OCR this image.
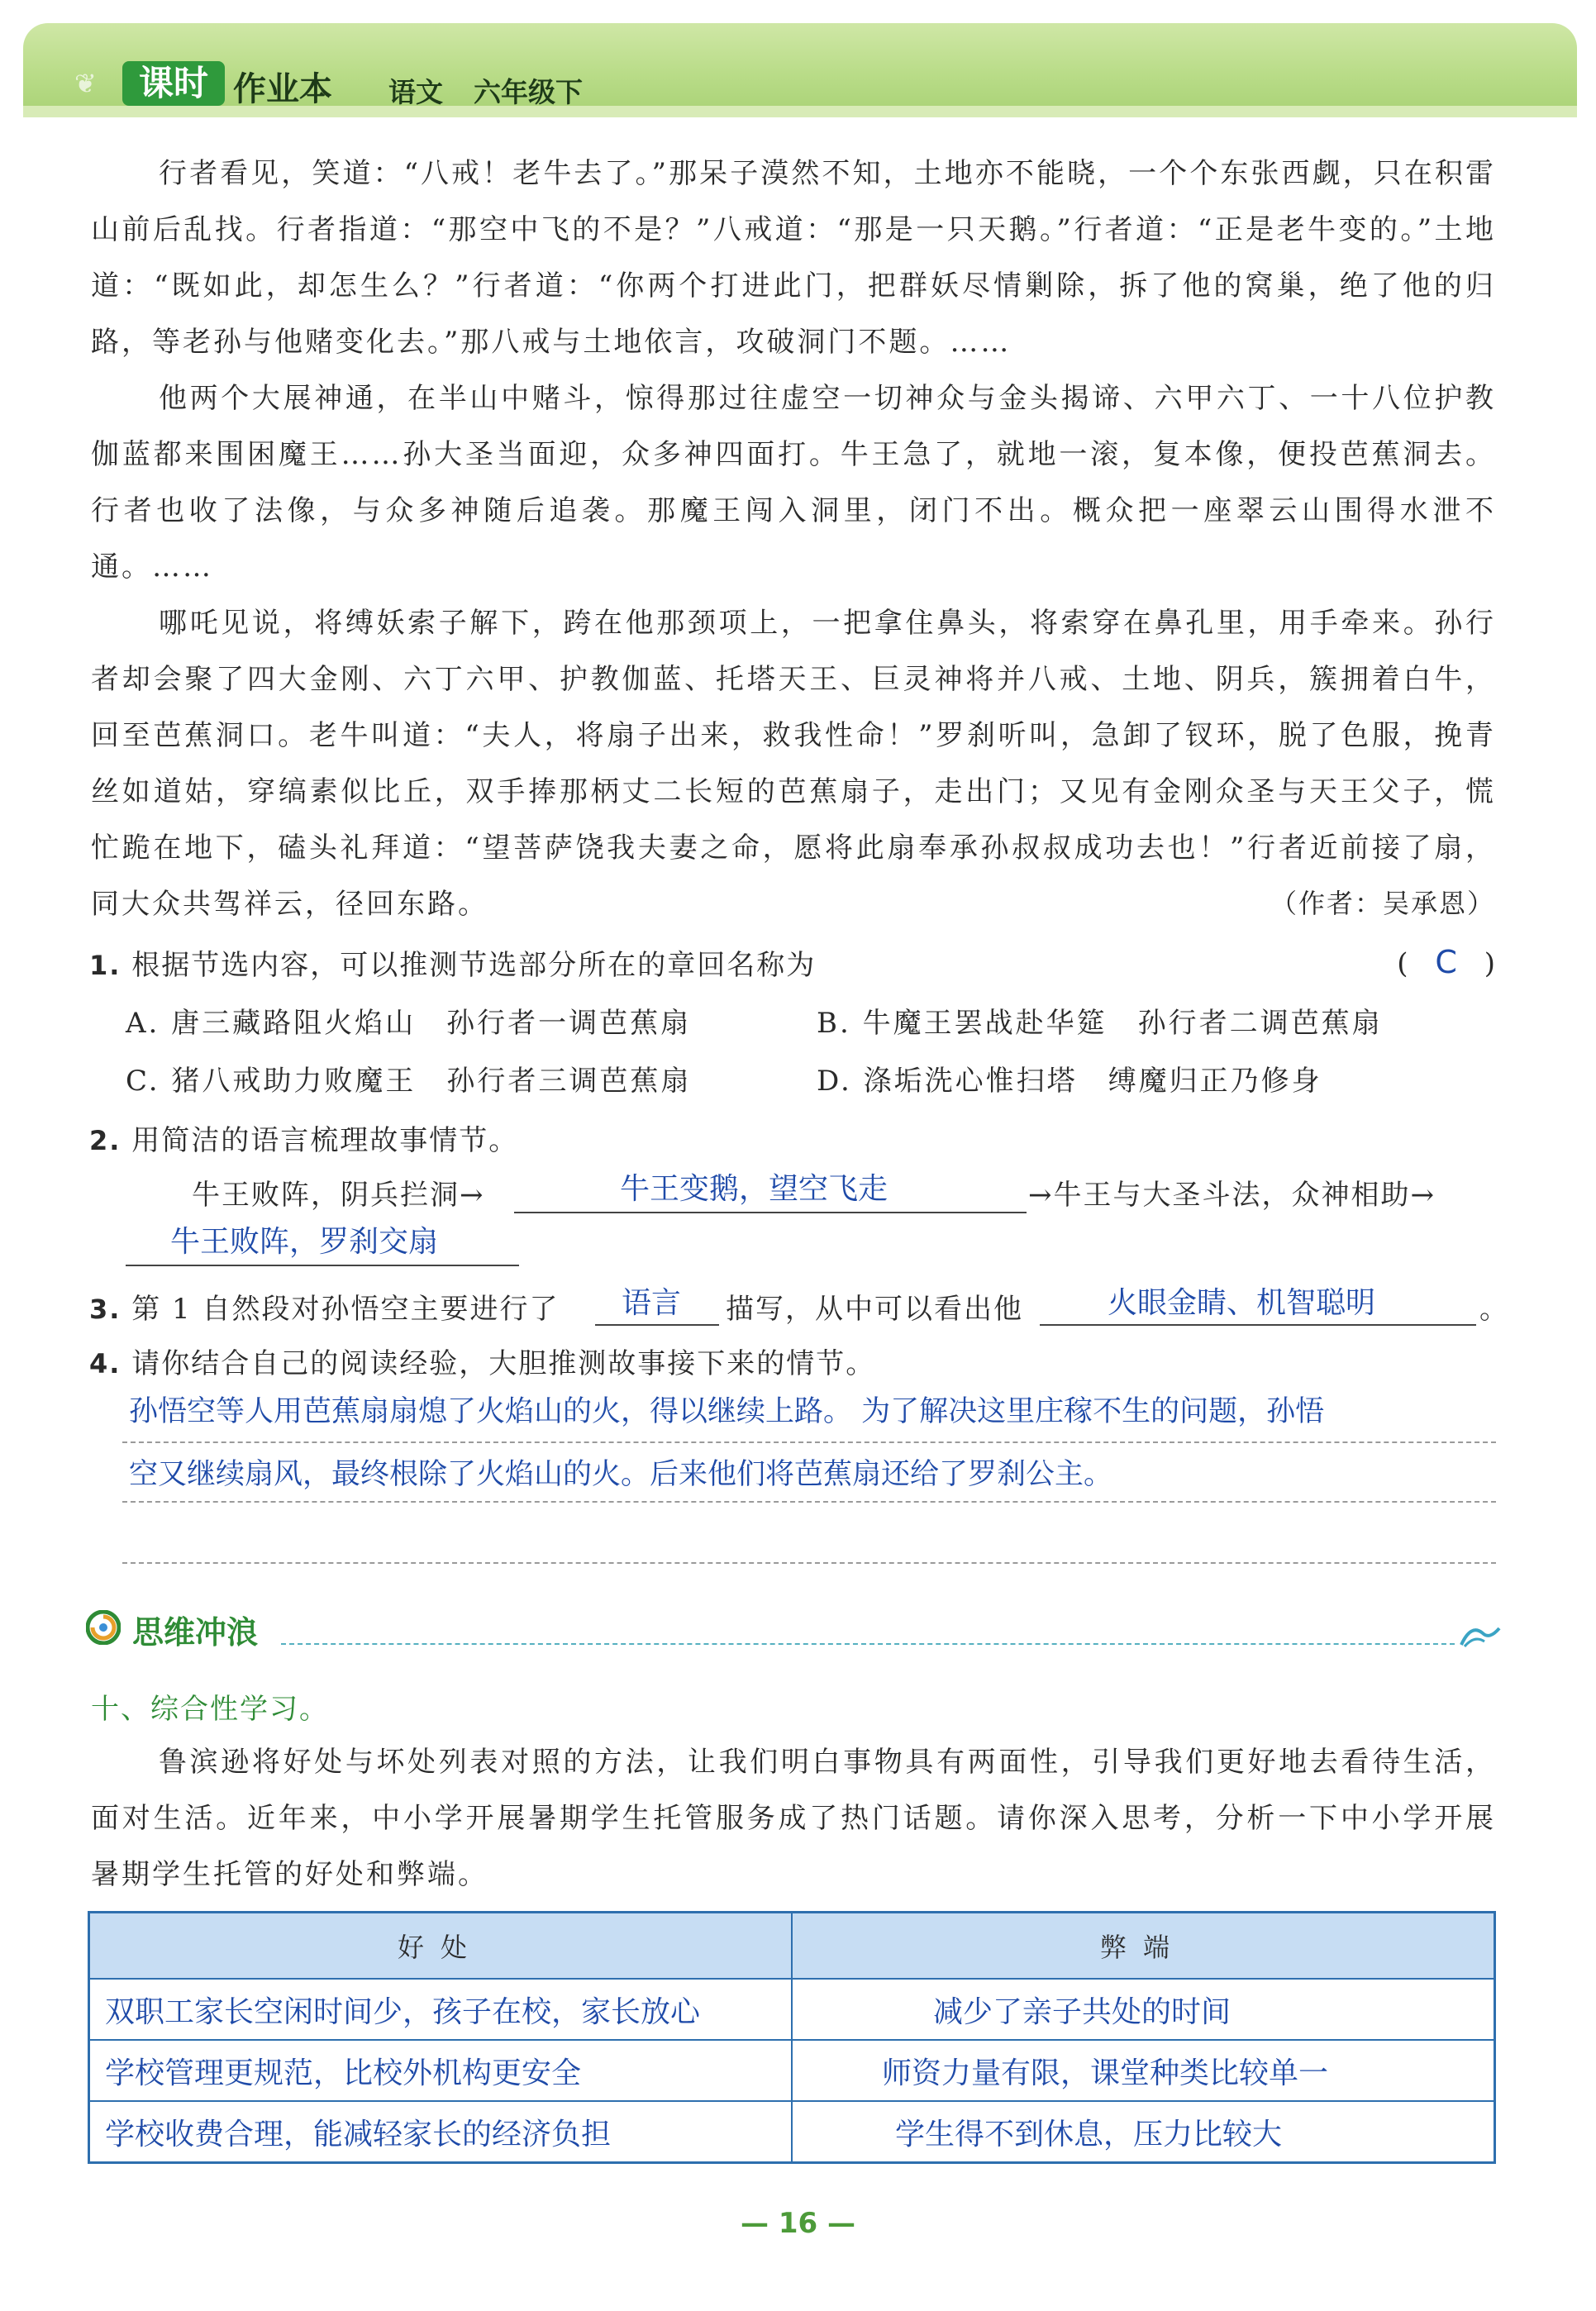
❦	课时 作业本 语文 六年级下

行者看见，笑道：“八戒！老牛去了。”那呆子漠然不知，土地亦不能晓，一个个东张西觑，只在积雷山前后乱找。行者指道：“那空中飞的不是？”八戒道：“那是一只天鹅。”行者道：“正是老牛变的。”土地道：“既如此，却怎生么？”行者道：“你两个打进此门，把群妖尽情剿除，拆了他的窝巢，绝了他的归路，等老孙与他赌变化去。”那八戒与土地依言，攻破洞门不题。……

他两个大展神通，在半山中赌斗，惊得那过往虚空一切神众与金头揭谛、六甲六丁、一十八位护教伽蓝都来围困魔王……孙大圣当面迎，众多神四面打。牛王急了，就地一滚，复本像，便投芭蕉洞去。行者也收了法像，与众多神随后追袭。那魔王闯入洞里，闭门不出。概众把一座翠云山围得水泄不通。……

哪吒见说，将缚妖索子解下，跨在他那颈项上，一把拿住鼻头，将索穿在鼻孔里，用手牵来。孙行者却会聚了四大金刚、六丁六甲、护教伽蓝、托塔天王、巨灵神将并八戒、土地、阴兵，簇拥着白牛，回至芭蕉洞口。老牛叫道：“夫人，将扇子出来，救我性命！”罗刹听叫，急卸了钗环，脱了色服，挽青丝如道姑，穿缟素似比丘，双手捧那柄丈二长短的芭蕉扇子，走出门；又见有金刚众圣与天王父子，慌忙跪在地下，磕头礼拜道：“望菩萨饶我夫妻之命，愿将此扇奉承孙叔叔成功去也！”行者近前接了扇，同大众共驾祥云，径回东路。	（作者：吴承恩）
1. 根据节选内容，可以推测节选部分所在的章回名称为	( C )
A. 唐三藏路阻火焰山　孙行者一调芭蕉扇	B. 牛魔王罢战赴华筵　孙行者二调芭蕉扇
C. 猪八戒助力败魔王　孙行者三调芭蕉扇	D. 涤垢洗心惟扫塔　缚魔归正乃修身
2. 用简洁的语言梳理故事情节。
牛王败阵，阴兵拦洞→	牛王变鹅，望空飞走	→牛王与大圣斗法，众神相助→
牛王败阵，罗刹交扇
3. 第 1 自然段对孙悟空主要进行了 语言 描写，从中可以看出他	火眼金睛、机智聪明	。
4. 请你结合自己的阅读经验，大胆推测故事接下来的情节。
孙悟空等人用芭蕉扇扇熄了火焰山的火，得以继续上路。 为了解决这里庄稼不生的问题，孙悟
空又继续扇风，最终根除了火焰山的火。后来他们将芭蕉扇还给了罗刹公主。
思维冲浪
十、综合性学习。

鲁滨逊将好处与坏处列表对照的方法，让我们明白事物具有两面性，引导我们更好地去看待生活，面对生活。近年来，中小学开展暑期学生托管服务成了热门话题。请你深入思考，分析一下中小学开展暑期学生托管的好处和弊端。

好处	弊端
双职工家长空闲时间少，孩子在校，家长放心	减少了亲子共处的时间
学校管理更规范，比校外机构更安全	师资力量有限，课堂种类比较单一
学校收费合理，能减轻家长的经济负担	学生得不到休息，压力比较大
— 16 —
